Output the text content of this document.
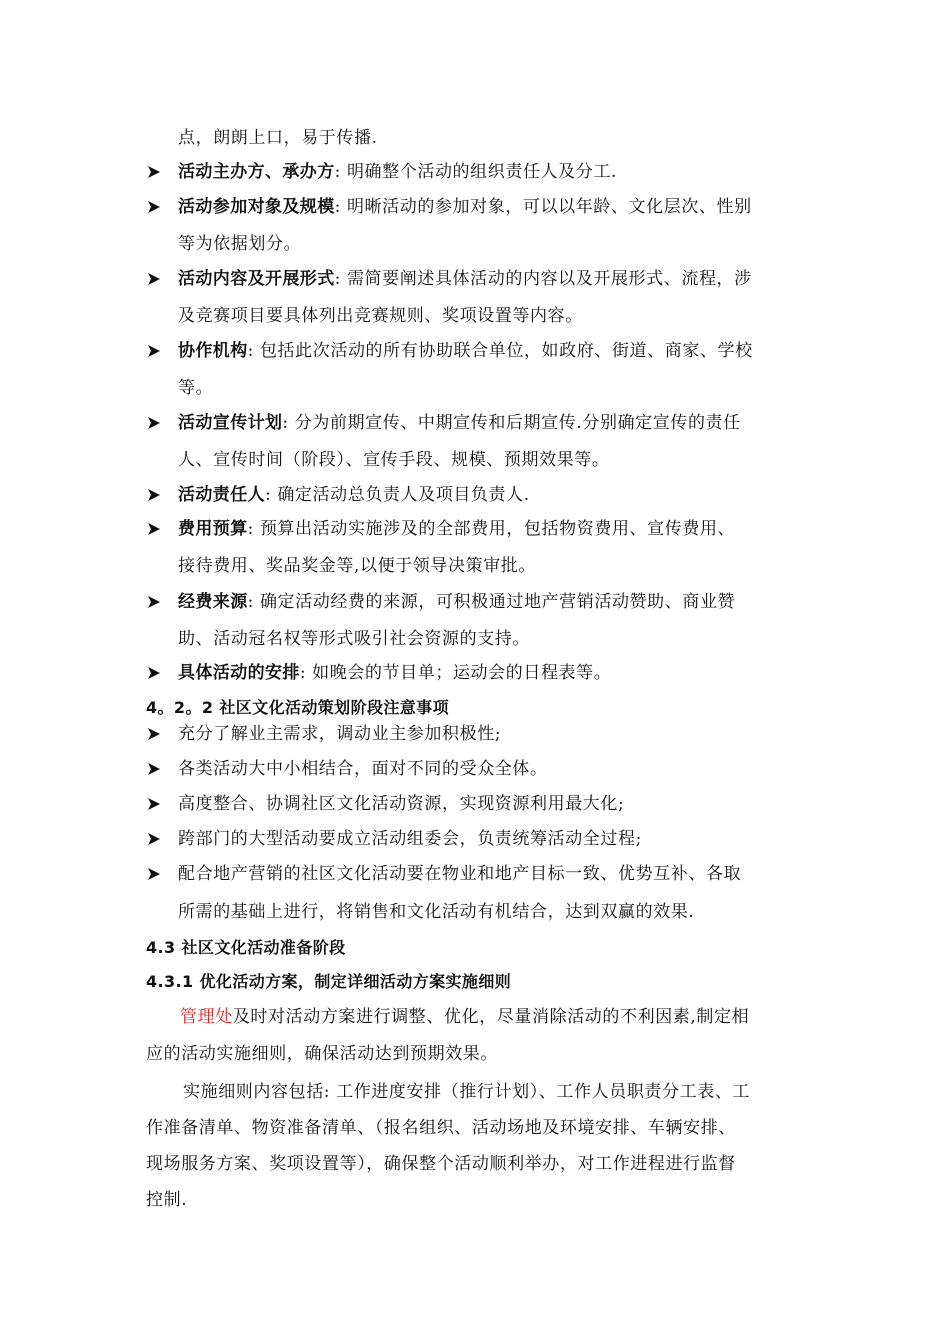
点，朗朗上口，易于传播.
活动主办方、承办方: 明确整个活动的组织责任人及分工.
活动参加对象及规模: 明晰活动的参加对象，可以以年龄、文化层次、性别
等为依据划分。
活动内容及开展形式: 需简要阐述具体活动的内容以及开展形式、流程，涉
及竞赛项目要具体列出竞赛规则、奖项设置等内容。
协作机构: 包括此次活动的所有协助联合单位，如政府、街道、商家、学校
等。
活动宣传计划: 分为前期宣传、中期宣传和后期宣传.分别确定宣传的责任
人、宣传时间（阶段）、宣传手段、规模、预期效果等。
活动责任人: 确定活动总负责人及项目负责人.
费用预算: 预算出活动实施涉及的全部费用，包括物资费用、宣传费用、
接待费用、奖品奖金等,以便于领导决策审批。
经费来源: 确定活动经费的来源，可积极通过地产营销活动赞助、商业赞
助、活动冠名权等形式吸引社会资源的支持。
具体活动的安排: 如晚会的节目单；运动会的日程表等。
4。2。2 社区文化活动策划阶段注意事项
充分了解业主需求，调动业主参加积极性;
各类活动大中小相结合，面对不同的受众全体。
高度整合、协调社区文化活动资源，实现资源利用最大化;
跨部门的大型活动要成立活动组委会，负责统筹活动全过程;
配合地产营销的社区文化活动要在物业和地产目标一致、优势互补、各取
所需的基础上进行，将销售和文化活动有机结合，达到双赢的效果.
4.3 社区文化活动准备阶段
4.3.1 优化活动方案，制定详细活动方案实施细则
管理处及时对活动方案进行调整、优化，尽量消除活动的不利因素,制定相
应的活动实施细则，确保活动达到预期效果。
实施细则内容包括: 工作进度安排（推行计划）、工作人员职责分工表、工
作准备清单、物资准备清单、（报名组织、活动场地及环境安排、车辆安排、
现场服务方案、奖项设置等），确保整个活动顺利举办，对工作进程进行监督
控制.
